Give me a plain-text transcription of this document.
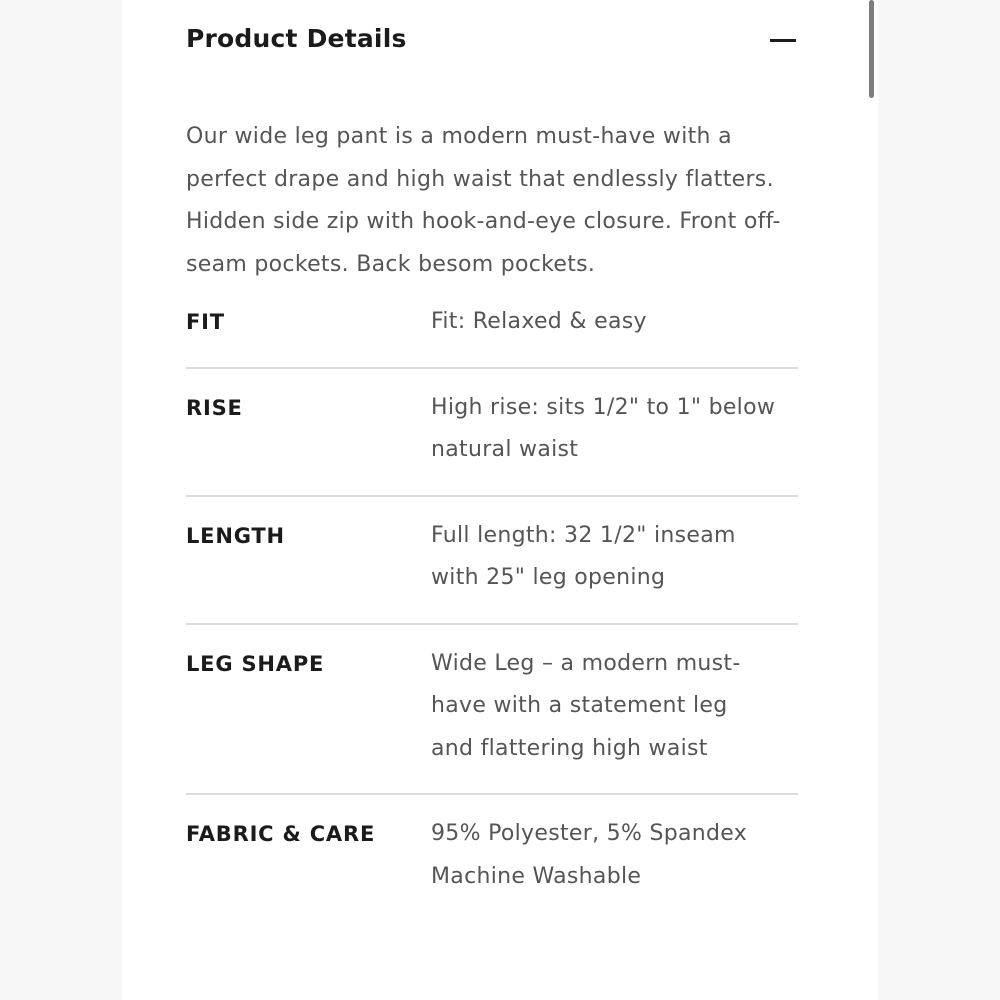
Product Details

Our wide leg pant is a modern must-have with a perfect drape and high waist that endlessly flatters. Hidden side zip with hook-and-eye closure. Front off-seam pockets. Back besom pockets.

FIT	Fit: Relaxed & easy
RISE	High rise: sits 1/2" to 1" below
natural waist
LENGTH	Full length: 32 1/2" inseam
with 25" leg opening
LEG SHAPE	Wide Leg – a modern must-
have with a statement leg
and flattering high waist
FABRIC & CARE	95% Polyester, 5% Spandex
Machine Washable
